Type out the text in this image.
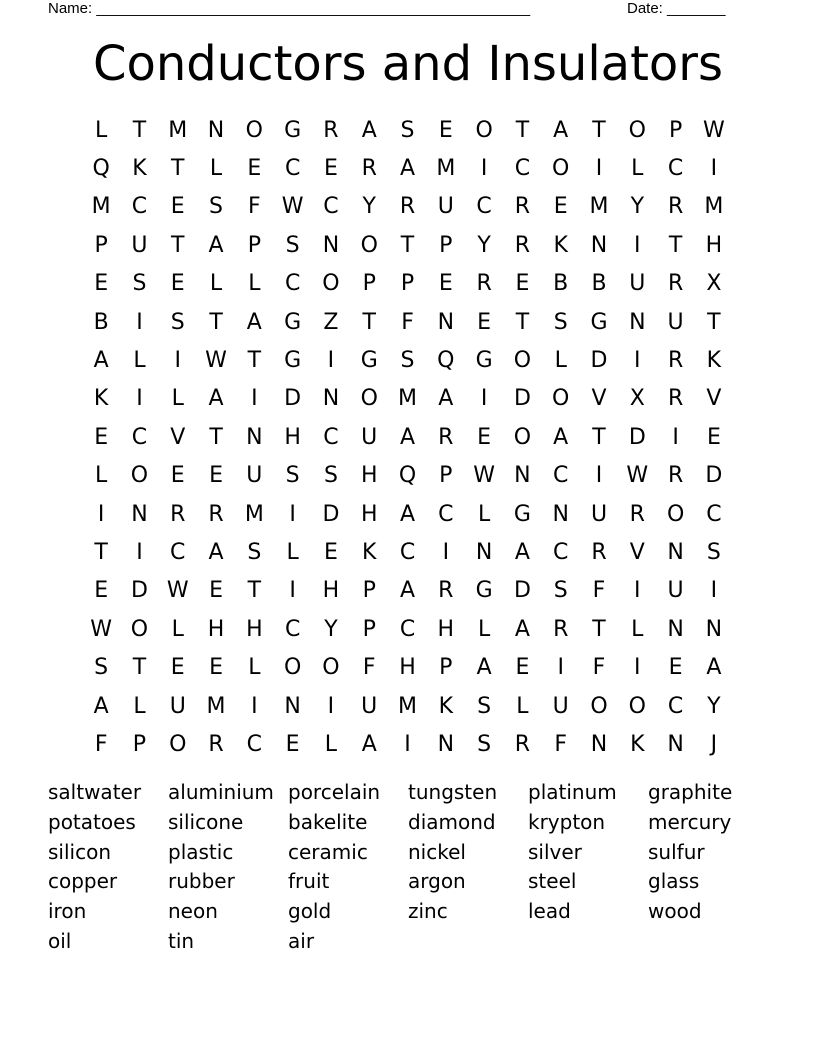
Name: ____________________________________________________	Date: _______
Conductors and Insulators
L	T	M N O G	R	A	S	E	O	T	A	T	O	P W
Q	K	T	L	E	C	E	R	A M	I	C O	I	L	C	I
M C	E	S	F W C	Y	R	U	C	R	E M	Y	R M
P	U	T	A	P	S	N O	T	P	Y	R	K	N	I	T	H
E	S	E	L	L	C O	P	P	E	R	E	B	B	U	R	X
B	I	S	T	A	G	Z	T	F	N	E	T	S	G N	U	T
A	L	I	W T	G	I	G	S	Q G O	L	D	I	R	K
K	I	L	A	I	D N O M A	I	D O	V	X	R	V
E	C	V	T	N H	C	U	A	R	E	O	A	T	D	I	E
L	O	E	E	U	S	S	H Q	P W N	C	I	W R	D
I	N	R	R M	I	D H	A	C	L	G N	U	R O C
T	I	C	A	S	L	E	K	C	I	N	A	C	R	V	N	S
E	D W E	T	I	H	P	A	R	G D	S	F	I	U	I
W O	L	H H	C	Y	P	C	H	L	A	R	T	L	N N
S	T	E	E	L	O O	F	H	P	A	E	I	F	I	E	A
A	L	U M	I	N	I	U M K	S	L	U O O C	Y
F	P	O R	C	E	L	A	I	N	S	R	F	N	K	N	J
saltwater	aluminium porcelain	tungsten	platinum	graphite
potatoes	silicone	bakelite	diamond	krypton	mercury
silicon	plastic	ceramic	nickel	silver	sulfur
copper	rubber	fruit	argon	steel	glass
iron	neon	gold	zinc	lead	wood
oil	tin	air
